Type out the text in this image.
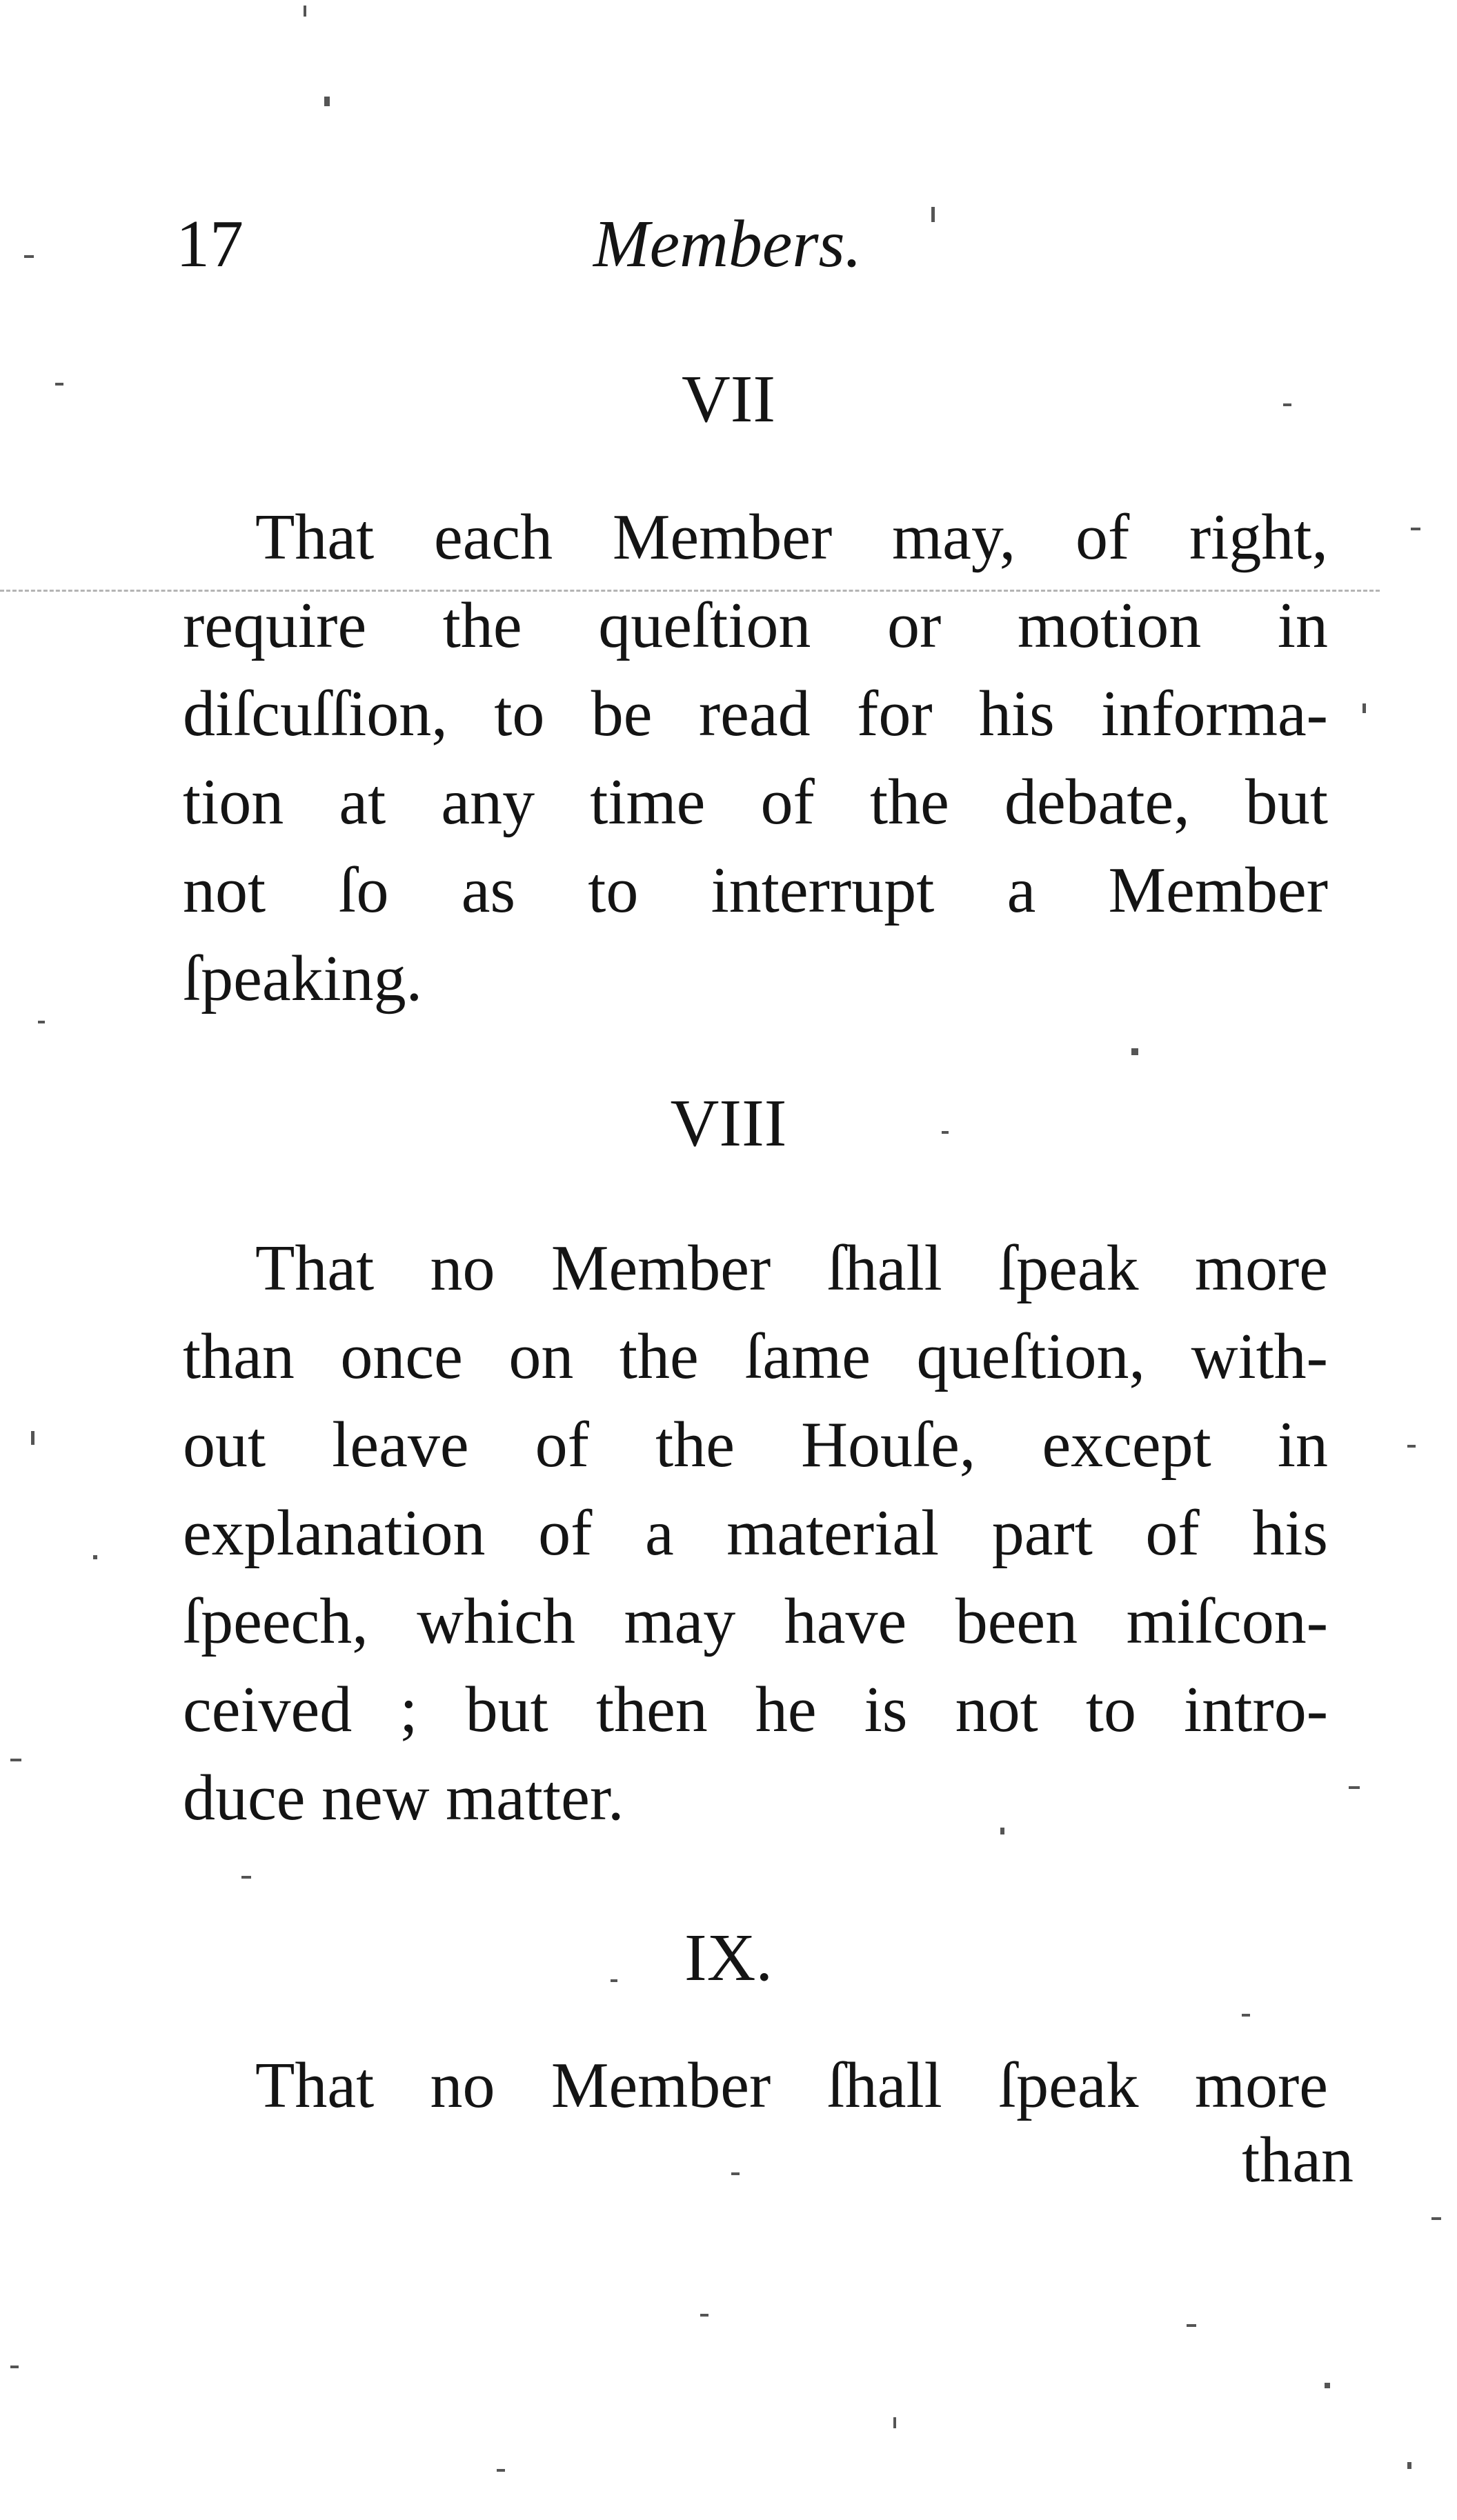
17	Members.
VII
That each Member may, of right,
require the queſtion or motion in
diſcuſſion, to be read for his informa-
tion at any time of the debate, but
not ſo as to interrupt a Member
ſpeaking.
VIII
That no Member ſhall ſpeak more
than once on the ſame queſtion, with-
out leave of the Houſe, except in
explanation of a material part of his
ſpeech, which may have been miſcon-
ceived ; but then he is not to intro-
duce new matter.
IX.
That no Member ſhall ſpeak more
than
